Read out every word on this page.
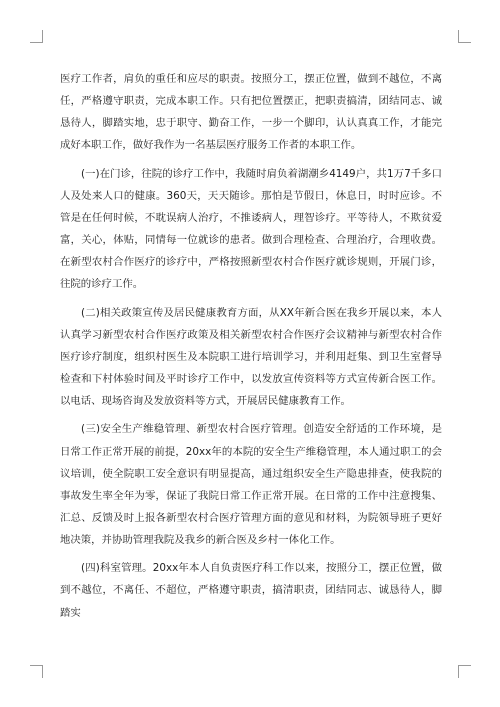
医疗工作者，肩负的重任和应尽的职责。按照分工，摆正位置，做到不越位，不离任，严格遵守职责，完成本职工作。只有把位置摆正，把职责搞清，团结同志、诚恳待人，脚踏实地，忠于职守、勤奋工作，一步一个脚印，认认真真工作，才能完成好本职工作，做好我作为一名基层医疗服务工作者的本职工作。

(一)在门诊，往院的诊疗工作中，我随时肩负着湖潮乡4149户，共1万7千多口人及处来人口的健康。360天，天天随诊。那怕是节假日，休息日，时时应诊。不管是在任何时候，不耽误病人治疗，不推诿病人，理智诊疗。平等待人，不欺贫爱富，关心，体贴，同情每一位就诊的患者。做到合理检查、合理治疗，合理收费。在新型农村合作医疗的诊疗中，严格按照新型农村合作医疗就诊规则，开展门诊，往院的诊疗工作。

(二)相关政策宣传及居民健康教育方面，从XX年新合医在我乡开展以来，本人认真学习新型农村合作医疗政策及相关新型农村合作医疗会议精神与新型农村合作医疗诊疗制度，组织村医生及本院职工进行培训学习，并利用赶集、到卫生室督导检查和下村体验时间及平时诊疗工作中，以发放宣传资料等方式宣传新合医工作。以电话、现场咨询及发放资料等方式，开展居民健康教育工作。

(三)安全生产维稳管理、新型农村合医疗管理。创造安全舒适的工作环境，是日常工作正常开展的前提，20xx年的本院的安全生产维稳管理，本人通过职工的会议培训，使全院职工安全意识有明显提高，通过组织安全生产隐患排查，使我院的事故发生率全年为零，保证了我院日常工作正常开展。在日常的工作中注意搜集、汇总、反馈及时上报各新型农村合医疗管理方面的意见和材料，为院领导班子更好地决策，并协助管理我院及我乡的新合医及乡村一体化工作。

(四)科室管理。20xx年本人自负责医疗科工作以来，按照分工，摆正位置，做到不越位，不离任、不超位，严格遵守职责，搞清职责，团结同志、诚恳待人，脚踏实
